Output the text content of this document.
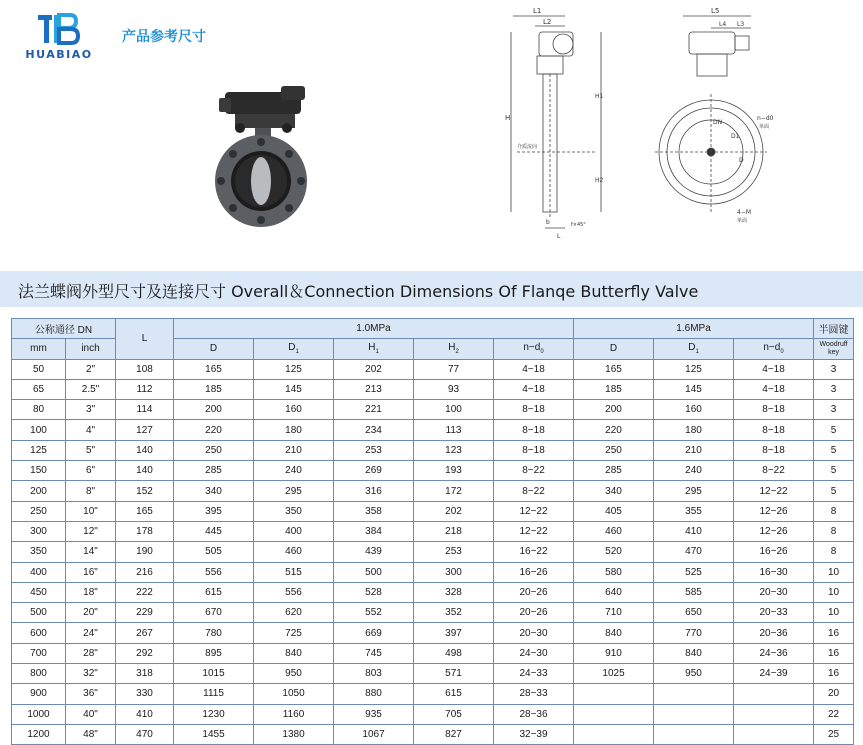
HUABIAO
产品参考尺寸
L1
L2
H
H1
H2
介质流向
b
L
f×45°
L5
L4 L3
DN
D1
D
n−d0
单面
4−M
单面
法兰蝶阀外型尺寸及连接尺寸 Overall＆Connection Dimensions Of Flanqe Butterfly Valve
公称通径 DN		L	1.0MPa					1.6MPa			半圆键
mm	inch		D	$D_1$	$H_1$	$H_2$	$n-d_0$	D	$D_1$	$n-d_0$	Woodruff key
50	2"	108	165	125	202	77	4−18	165	125	4−18	3
65	2.5"	112	185	145	213	93	4−18	185	145	4−18	3
80	3"	114	200	160	221	100	8−18	200	160	8−18	3
100	4"	127	220	180	234	113	8−18	220	180	8−18	5
125	5"	140	250	210	253	123	8−18	250	210	8−18	5
150	6"	140	285	240	269	193	8−22	285	240	8−22	5
200	8"	152	340	295	316	172	8−22	340	295	12−22	5
250	10"	165	395	350	358	202	12−22	405	355	12−26	8
300	12"	178	445	400	384	218	12−22	460	410	12−26	8
350	14"	190	505	460	439	253	16−22	520	470	16−26	8
400	16"	216	556	515	500	300	16−26	580	525	16−30	10
450	18"	222	615	556	528	328	20−26	640	585	20−30	10
500	20"	229	670	620	552	352	20−26	710	650	20−33	10
600	24"	267	780	725	669	397	20−30	840	770	20−36	16
700	28"	292	895	840	745	498	24−30	910	840	24−36	16
800	32"	318	1015	950	803	571	24−33	1025	950	24−39	16
900	36"	330	1115	1050	880	615	28−33				20
1000	40"	410	1230	1160	935	705	28−36				22
1200	48"	470	1455	1380	1067	827	32−39				25
